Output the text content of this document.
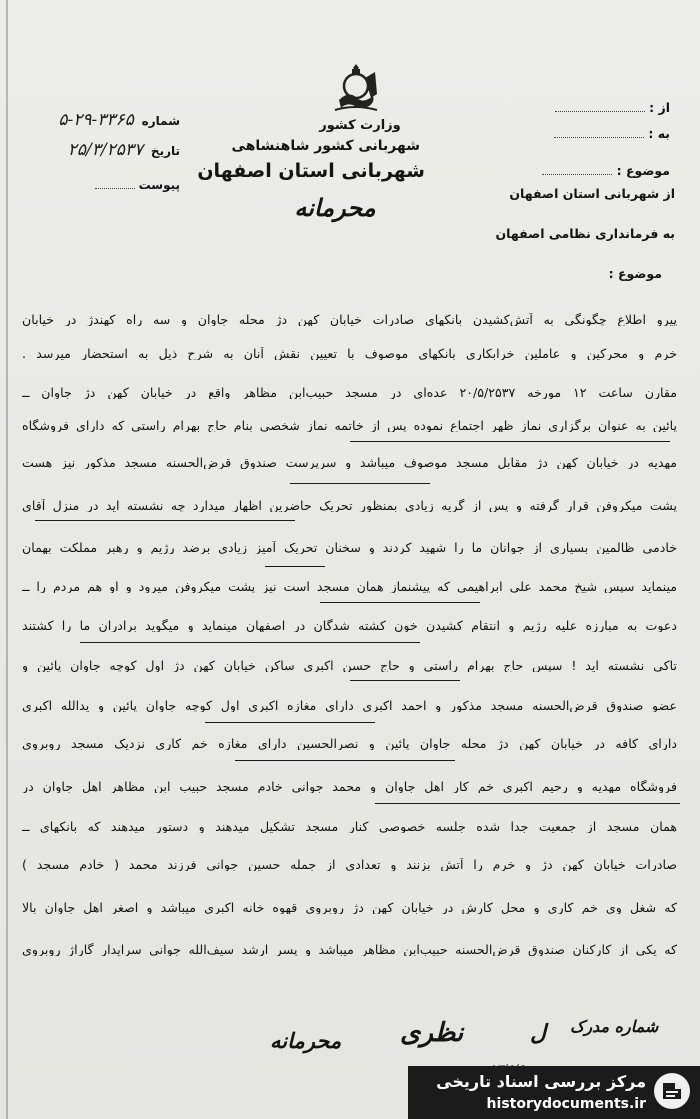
وزارت کشور
شهربانی کشور شاهنشاهی
شهربانی استان اصفهان
محرمانه
شماره ۳۳۶۵-۲۹-۵
تاریخ ۲۵/۳/۲۵۳۷
پیوست
از :
به :
موضوع :
از شهربانی استان اصفهان
به فرمانداری نظامی اصفهان
موضوع :
پیرو اطلاع چگونگی به آتش‌کشیدن بانکهای صادرات خیابان کهن دژ محله جاوان و سه راه کهندژ در خیابان
خرم و محرکین و عاملین خرابکاری بانکهای موصوف با تعیین نقش آنان به شرح ذیل به استحضار میرسد .
مقارن ساعت ۱۲ مورخه ۲۰/۵/۲۵۳۷ عده‌ای در مسجد حبیب‌ابن مظاهر واقع در خیابان کهن دژ جاوان ــ
پائین به عنوان برگزاری نماز ظهر اجتماع نموده پس از خاتمه نماز شخصی بنام حاج بهرام راستی که دارای فروشگاه
مهدیه در خیابان کهن دژ مقابل مسجد موصوف میباشد و سرپرست صندوق قرض‌الحسنه مسجد مذکور نیز هست
پشت میکروفن قرار گرفته و پس از گریه زیادی بمنظور تحریک حاضرین اظهار میدارد چه نشسته اید در منزل آقای
خادمی ظالمین بسیاری از جوانان ما را شهید کردند و سخنان تحریک آمیز زیادی برضد رژیم و رهبر مملکت بهمان
مینماید سپس شیخ محمد علی ابراهیمی که پیشنماز همان مسجد است نیز پشت میکروفن میرود و او هم مردم را ــ
دعوت به مبارزه علیه رژیم و انتقام کشیدن خون کشته شدگان در اصفهان مینماید و میگوید برادران ما را کشتند
تاکی نشسته اید ! سپس حاج بهرام راستی و حاج حسن اکبری ساکن خیابان کهن دژ اول کوچه جاوان پائین و
عضو صندوق قرض‌الحسنه مسجد مذکور و احمد اکبری دارای مغازه اکبری اول کوچه جاوان پائین و یدالله اکبری
دارای کافه در خیابان کهن دژ محله جاوان پائین و نصرالحسین دارای مغازه خم کاری نزدیک مسجد روبروی
فروشگاه مهدیه و رحیم اکبری خم کار اهل جاوان و محمد جوانی خادم مسجد حبیب ابن مظاهر اهل جاوان در
همان مسجد از جمعیت جدا شده جلسه خصوصی کنار مسجد تشکیل میدهند و دستور میدهند که بانکهای ــ
صادرات خیابان کهن دژ و خرم را آتش بزنند و تعدادی از جمله حسین جوانی فرزند محمد ( خادم مسجد )
که شغل وی خم کاری و محل کارش در خیابان کهن دژ روبروی قهوه خانه اکبری میباشد و اصغر اهل جاوان بالا
که یکی از کارکنان صندوق قرض‌الحسنه حبیب‌ابن مظاهر میباشد و پسر ارشد سیف‌الله جوانی سرایدار گاراژ روبروی
شماره مدرک
نظری	ل
محرمانه
مرکز بررسی اسناد تاریخی
historydocuments.ir
